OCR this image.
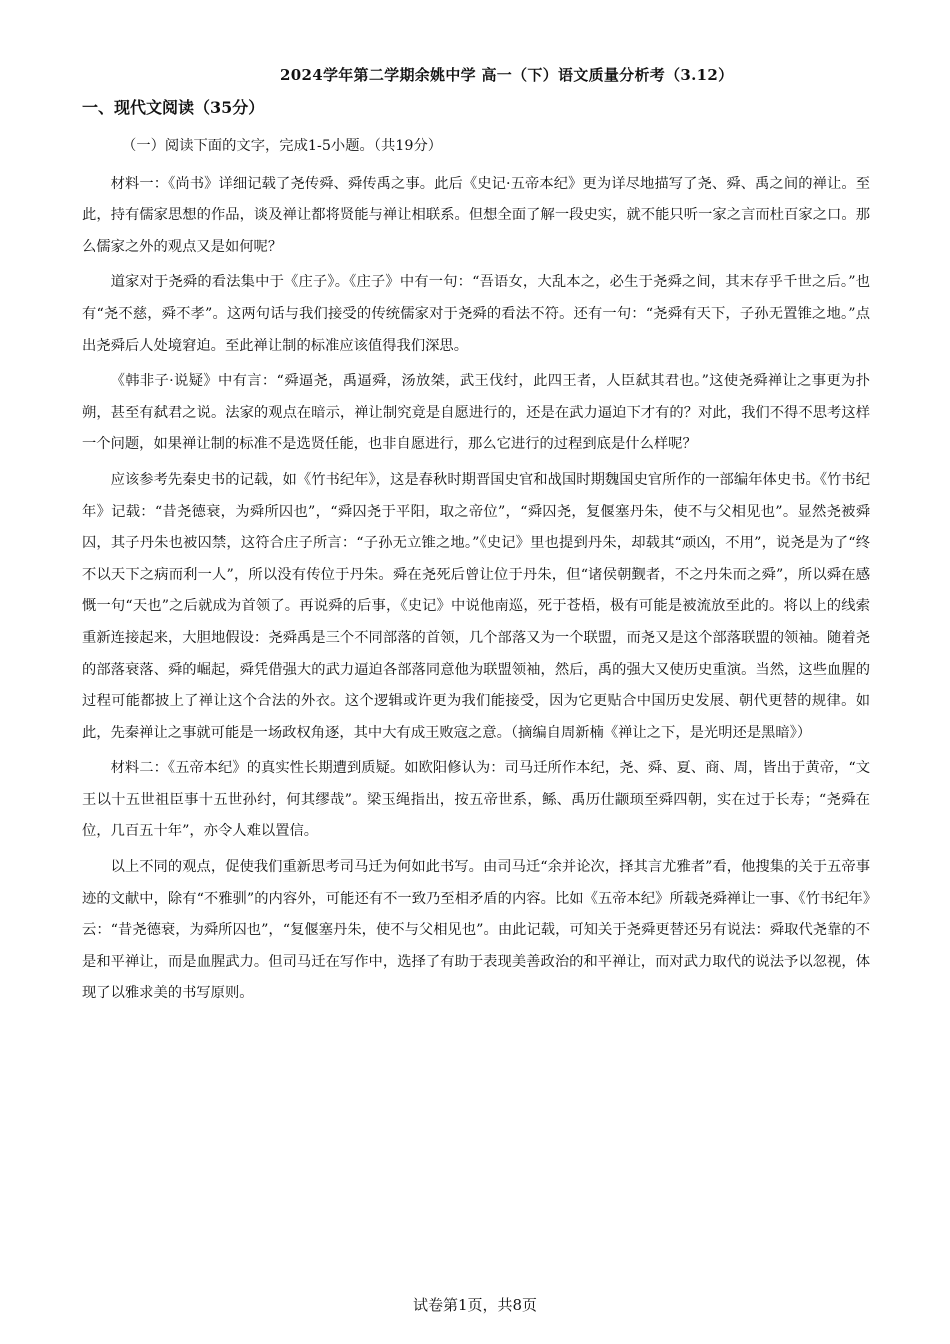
2024学年第二学期余姚中学 高一（下）语文质量分析考（3.12）
一、现代文阅读（35分）

（一）阅读下面的文字，完成1-5小题。（共19分）

材料一：《尚书》详细记载了尧传舜、舜传禹之事。此后《史记·五帝本纪》更为详尽地描写了尧、舜、禹之间的禅让。至此，持有儒家思想的作品，谈及禅让都将贤能与禅让相联系。但想全面了解一段史实，就不能只听一家之言而杜百家之口。那么儒家之外的观点又是如何呢？

道家对于尧舜的看法集中于《庄子》。《庄子》中有一句：“吾语女，大乱本之，必生于尧舜之间，其末存乎千世之后。”也有“尧不慈，舜不孝”。这两句话与我们接受的传统儒家对于尧舜的看法不符。还有一句：“尧舜有天下，子孙无置锥之地。”点出尧舜后人处境窘迫。至此禅让制的标准应该值得我们深思。

《韩非子·说疑》中有言：“舜逼尧，禹逼舜，汤放桀，武王伐纣，此四王者，人臣弑其君也。”这使尧舜禅让之事更为扑朔，甚至有弑君之说。法家的观点在暗示，禅让制究竟是自愿进行的，还是在武力逼迫下才有的？对此，我们不得不思考这样一个问题，如果禅让制的标准不是选贤任能，也非自愿进行，那么它进行的过程到底是什么样呢？

应该参考先秦史书的记载，如《竹书纪年》，这是春秋时期晋国史官和战国时期魏国史官所作的一部编年体史书。《竹书纪年》记载：“昔尧德衰，为舜所囚也”，“舜囚尧于平阳，取之帝位”，“舜囚尧，复偃塞丹朱，使不与父相见也”。显然尧被舜囚，其子丹朱也被囚禁，这符合庄子所言：“子孙无立锥之地。”《史记》里也提到丹朱，却载其“顽凶，不用”，说尧是为了“终不以天下之病而利一人”，所以没有传位于丹朱。舜在尧死后曾让位于丹朱，但“诸侯朝觐者，不之丹朱而之舜”，所以舜在感慨一句“天也”之后就成为首领了。再说舜的后事，《史记》中说他南巡，死于苍梧，极有可能是被流放至此的。将以上的线索重新连接起来，大胆地假设：尧舜禹是三个不同部落的首领，几个部落又为一个联盟，而尧又是这个部落联盟的领袖。随着尧的部落衰落、舜的崛起，舜凭借强大的武力逼迫各部落同意他为联盟领袖，然后，禹的强大又使历史重演。当然，这些血腥的过程可能都披上了禅让这个合法的外衣。这个逻辑或许更为我们能接受，因为它更贴合中国历史发展、朝代更替的规律。如此，先秦禅让之事就可能是一场政权角逐，其中大有成王败寇之意。（摘编自周新楠《禅让之下，是光明还是黑暗》）

材料二：《五帝本纪》的真实性长期遭到质疑。如欧阳修认为：司马迁所作本纪，尧、舜、夏、商、周，皆出于黄帝，“文王以十五世祖臣事十五世孙纣，何其缪哉”。梁玉绳指出，按五帝世系，鲧、禹历仕颛顼至舜四朝，实在过于长寿；“尧舜在位，几百五十年”，亦令人难以置信。

以上不同的观点，促使我们重新思考司马迁为何如此书写。由司马迁“余并论次，择其言尤雅者”看，他搜集的关于五帝事迹的文献中，除有“不雅驯”的内容外，可能还有不一致乃至相矛盾的内容。比如《五帝本纪》所载尧舜禅让一事、《竹书纪年》云：“昔尧德衰，为舜所囚也”，“复偃塞丹朱，使不与父相见也”。由此记载，可知关于尧舜更替还另有说法：舜取代尧靠的不是和平禅让，而是血腥武力。但司马迁在写作中，选择了有助于表现美善政治的和平禅让，而对武力取代的说法予以忽视，体现了以雅求美的书写原则。

试卷第1页，共8页
